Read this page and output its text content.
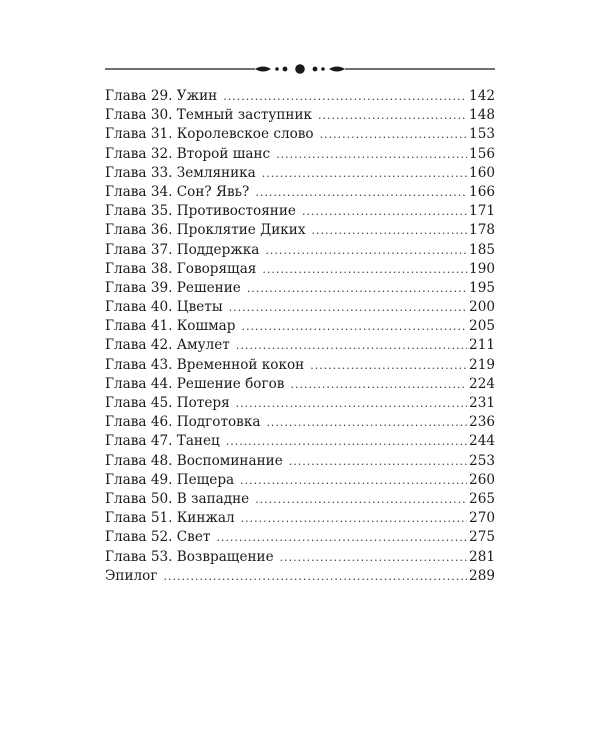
Глава 29. Ужин .....	142
Глава 30. Темный заступник .....	148
Глава 31. Королевское слово .....	153
Глава 32. Второй шанс .....	156
Глава 33. Земляника .....	160
Глава 34. Сон? Явь? .....	166
Глава 35. Противостояние .....	171
Глава 36. Проклятие Диких .....	178
Глава 37. Поддержка .....	185
Глава 38. Говорящая .....	190
Глава 39. Решение .....	195
Глава 40. Цветы .....	200
Глава 41. Кошмар .....	205
Глава 42. Амулет .....	211
Глава 43. Временной кокон .....	219
Глава 44. Решение богов .....	224
Глава 45. Потеря .....	231
Глава 46. Подготовка .....	236
Глава 47. Танец .....	244
Глава 48. Воспоминание .....	253
Глава 49. Пещера .....	260
Глава 50. В западне .....	265
Глава 51. Кинжал .....	270
Глава 52. Свет .....	275
Глава 53. Возвращение .....	281
Эпилог .....	289
